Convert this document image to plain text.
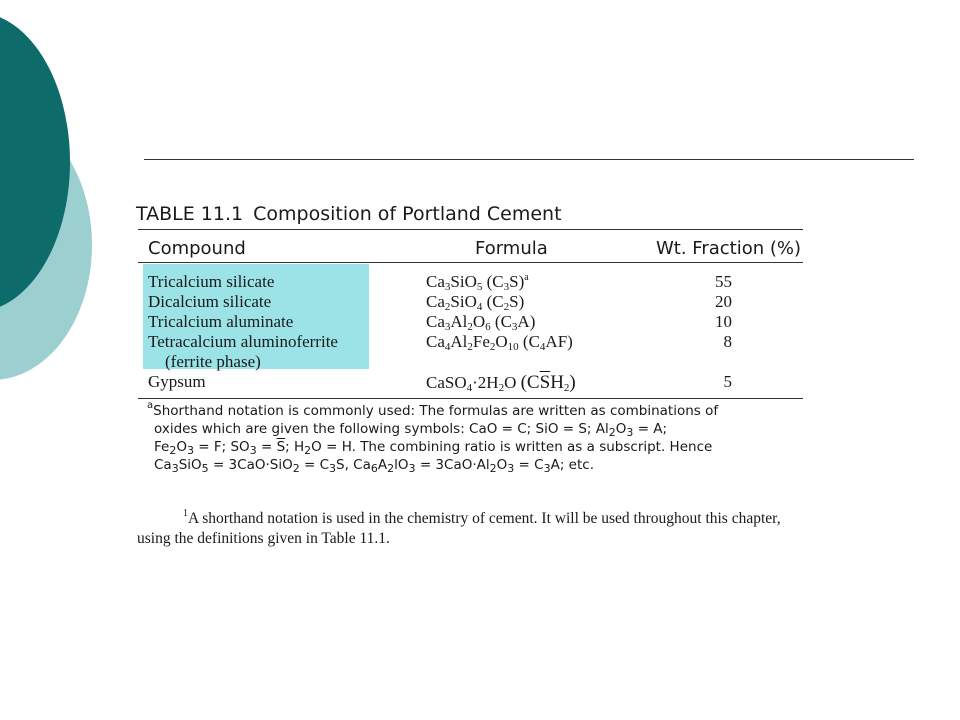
TABLE 11.1 Composition of Portland Cement
Compound	Formula	Wt. Fraction (%)
Tricalcium silicate	$Ca_3SiO_5$ $(C_3S)^a$	55
Dicalcium silicate	$Ca_2SiO_4$ $(C_2S)$	20
Tricalcium aluminate	$Ca_3Al_2O_6$ $(C_3A)$	10
Tetracalcium aluminoferrite	$Ca_4Al_2Fe_2O_{10}$ $(C_4AF)$	8
(ferrite phase)
Gypsum	$CaSO_4\cdot 2H_2O$ $(C\overline{S}H_2)$	5
$^a$Shorthand notation is commonly used: The formulas are written as combinations of
oxides which are given the following symbols: CaO = C; SiO = S; $Al_2O_3 = A$;
$Fe_2O_3 = F$; $SO_3 = \overline{S}$; $H_2O = H$. The combining ratio is written as a subscript. Hence
$Ca_3SiO_5 = 3CaO\cdot SiO_2 = C_3S$, $Ca_6A_2lO_3 = 3CaO\cdot Al_2O_3 = C_3A$; etc.
$^1$A shorthand notation is used in the chemistry of cement. It will be used throughout this chapter,
using the definitions given in Table 11.1.
